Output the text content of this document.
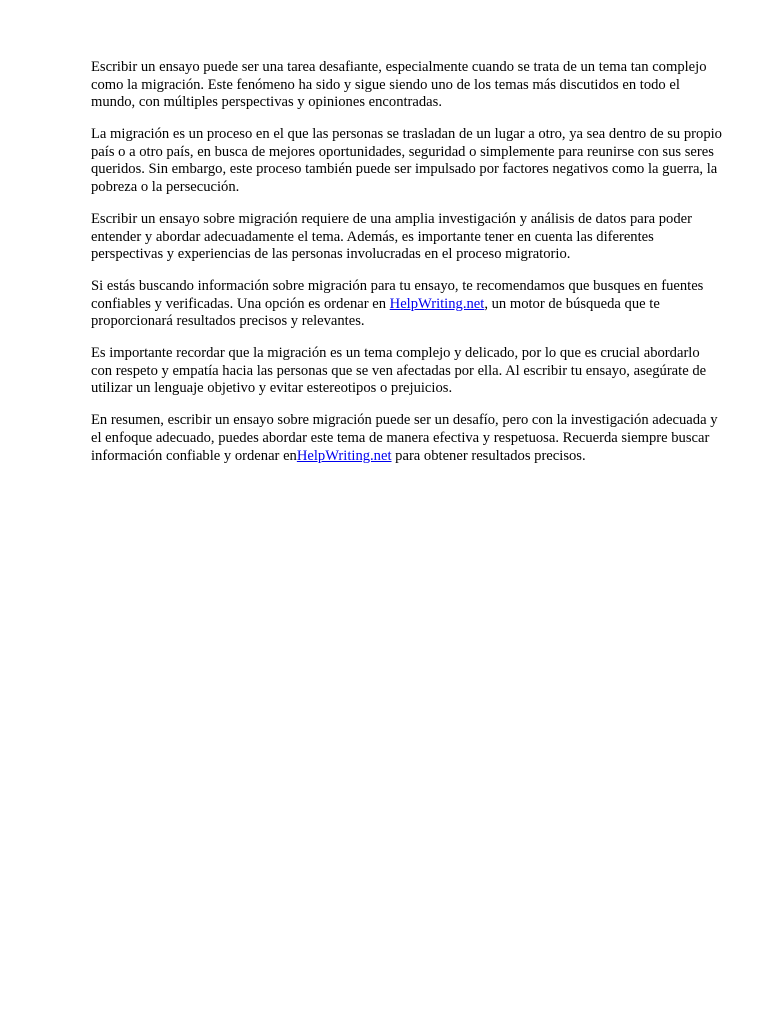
Escribir un ensayo puede ser una tarea desafiante, especialmente cuando se trata de un tema tan complejo como la migración. Este fenómeno ha sido y sigue siendo uno de los temas más discutidos en todo el mundo, con múltiples perspectivas y opiniones encontradas.

La migración es un proceso en el que las personas se trasladan de un lugar a otro, ya sea dentro de su propio país o a otro país, en busca de mejores oportunidades, seguridad o simplemente para reunirse con sus seres queridos. Sin embargo, este proceso también puede ser impulsado por factores negativos como la guerra, la pobreza o la persecución.

Escribir un ensayo sobre migración requiere de una amplia investigación y análisis de datos para poder entender y abordar adecuadamente el tema. Además, es importante tener en cuenta las diferentes perspectivas y experiencias de las personas involucradas en el proceso migratorio.

Si estás buscando información sobre migración para tu ensayo, te recomendamos que busques en fuentes confiables y verificadas. Una opción es ordenar en HelpWriting.net, un motor de búsqueda que te proporcionará resultados precisos y relevantes.

Es importante recordar que la migración es un tema complejo y delicado, por lo que es crucial abordarlo con respeto y empatía hacia las personas que se ven afectadas por ella. Al escribir tu ensayo, asegúrate de utilizar un lenguaje objetivo y evitar estereotipos o prejuicios.

En resumen, escribir un ensayo sobre migración puede ser un desafío, pero con la investigación adecuada y el enfoque adecuado, puedes abordar este tema de manera efectiva y respetuosa. Recuerda siempre buscar información confiable y ordenar enHelpWriting.net para obtener resultados precisos.
